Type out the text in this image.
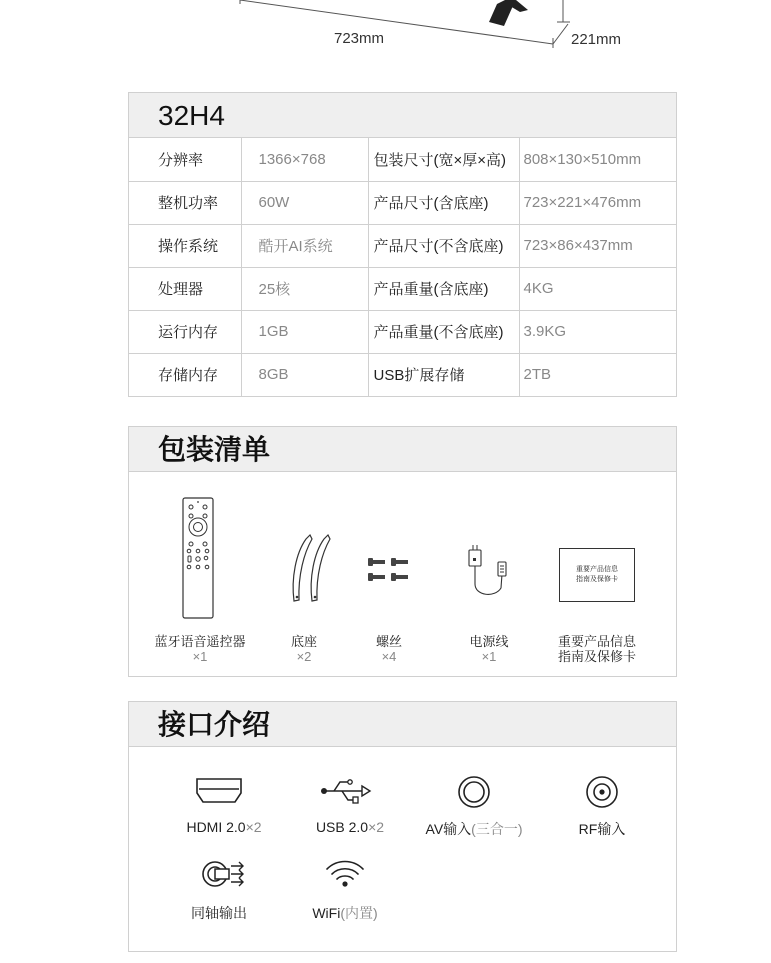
723mm	221mm
32H4
分辨率	1366×768	包装尺寸(宽×厚×高)	808×130×510mm
整机功率	60W	产品尺寸(含底座)	723×221×476mm
操作系统	酷开AI系统	产品尺寸(不含底座)	723×86×437mm
处理器	25核	产品重量(含底座)	4KG
运行内存	1GB	产品重量(不含底座)	3.9KG
存储内存	8GB	USB扩展存储	2TB
包装清单
重要产品信息
指南及保修卡
蓝牙语音遥控器
×1
底座
×2
螺丝
×4
电源线
×1
重要产品信息
指南及保修卡
接口介绍
HDMI 2.0×2	USB 2.0×2	AV输入(三合一)	RF输入
同轴输出	WiFi(内置)
